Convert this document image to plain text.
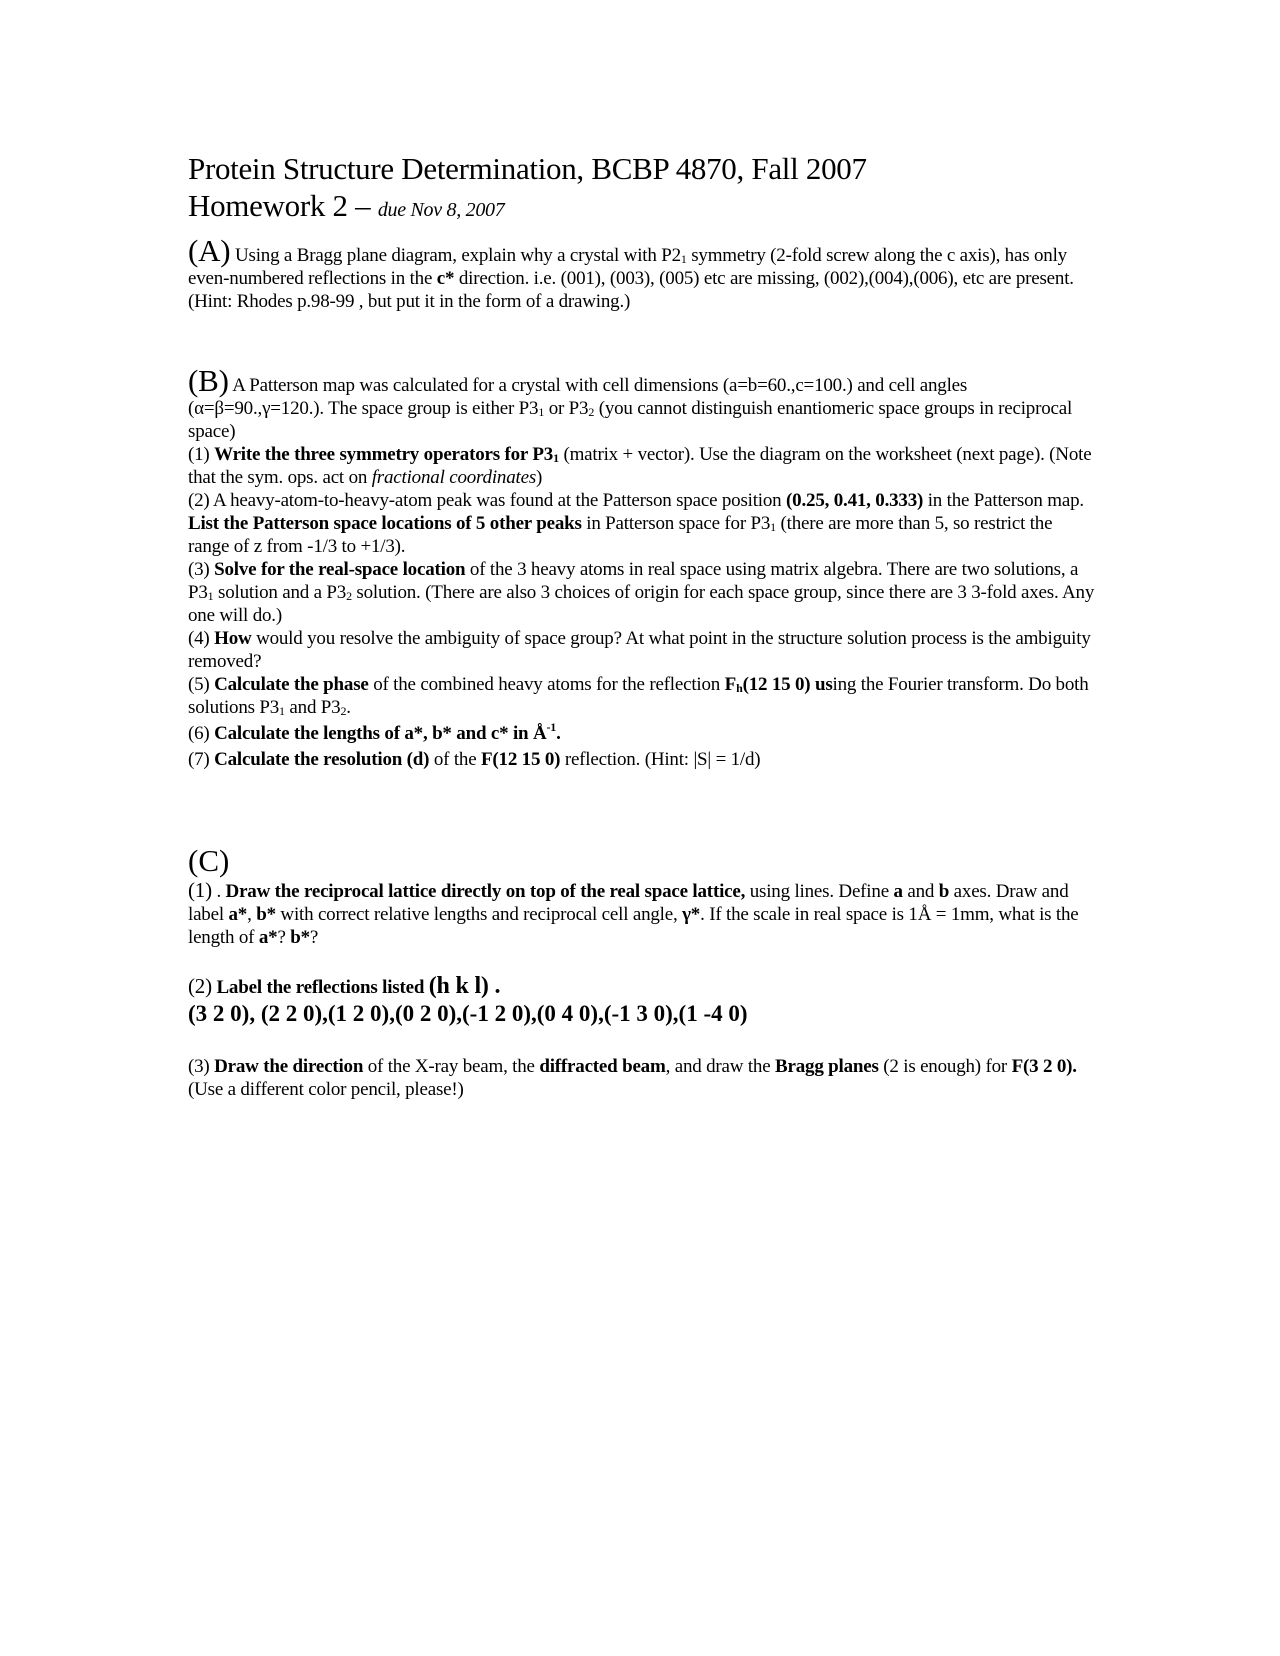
Protein Structure Determination, BCBP 4870, Fall 2007

Homework 2 – due Nov 8, 2007

(A) Using a Bragg plane diagram, explain why a crystal with $P2_1$ symmetry (2-fold screw along the c axis), has only even-numbered reflections in the c* direction. i.e. (001), (003), (005) etc are missing, (002),(004),(006), etc are present. (Hint: Rhodes p.98-99 , but put it in the form of a drawing.)

(B) A Patterson map was calculated for a crystal with cell dimensions (a=b=60.,c=100.) and cell angles (α=β=90.,γ=120.). The space group is either $P3_1$ or $P3_2$ (you cannot distinguish enantiomeric space groups in reciprocal space)

(1) Write the three symmetry operators for $P3_1$ (matrix + vector). Use the diagram on the worksheet (next page). (Note that the sym. ops. act on fractional coordinates)

(2) A heavy-atom-to-heavy-atom peak was found at the Patterson space position (0.25, 0.41, 0.333) in the Patterson map. List the Patterson space locations of 5 other peaks in Patterson space for $P3_1$ (there are more than 5, so restrict the range of z from -1/3 to +1/3).

(3) Solve for the real-space location of the 3 heavy atoms in real space using matrix algebra. There are two solutions, a $P3_1$ solution and a $P3_2$ solution. (There are also 3 choices of origin for each space group, since there are 3 3-fold axes. Any one will do.)

(4) How would you resolve the ambiguity of space group? At what point in the structure solution process is the ambiguity removed?

(5) Calculate the phase of the combined heavy atoms for the reflection $F_h(12$ 15 0) using the Fourier transform. Do both solutions $P3_1$ and $P3_2$.

(6) Calculate the lengths of a*, b* and c* in $Å^{-1}$.

(7) Calculate the resolution (d) of the F(12 15 0) reflection. (Hint: |S| = 1/d)

(C)

(1) . Draw the reciprocal lattice directly on top of the real space lattice, using lines. Define a and b axes. Draw and label a*, b* with correct relative lengths and reciprocal cell angle, γ*. If the scale in real space is 1Å = 1mm, what is the length of a*? b*?

(2) Label the reflections listed (h k l) .

(3 2 0), (2 2 0),(1 2 0),(0 2 0),(-1 2 0),(0 4 0),(-1 3 0),(1 -4 0)

(3) Draw the direction of the X-ray beam, the diffracted beam, and draw the Bragg planes (2 is enough) for F(3 2 0). (Use a different color pencil, please!)
